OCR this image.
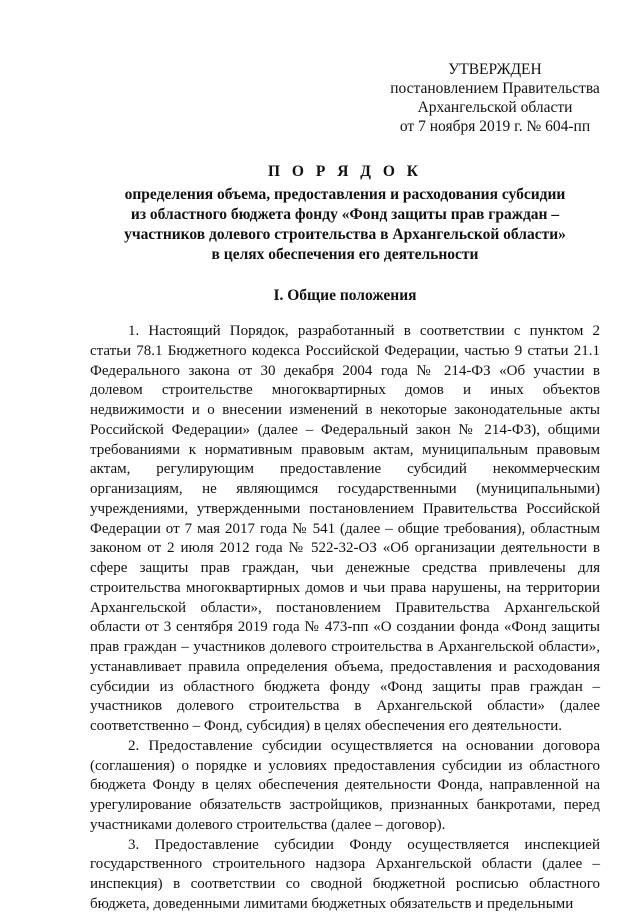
УТВЕРЖДЕН
постановлением Правительства
Архангельской области
от 7 ноября 2019 г. № 604-пп
П О Р Я Д О К
определения объема, предоставления и расходования субсидии
из областного бюджета фонду «Фонд защиты прав граждан –
участников долевого строительства в Архангельской области»
в целях обеспечения его деятельности
I. Общие положения

1. Настоящий Порядок, разработанный в соответствии с пунктом 2 статьи 78.1 Бюджетного кодекса Российской Федерации, частью 9 статьи 21.1 Федерального закона от 30 декабря 2004 года № 214-ФЗ «Об участии в долевом строительстве многоквартирных домов и иных объектов недвижимости и о внесении изменений в некоторые законодательные акты Российской Федерации» (далее – Федеральный закон № 214-ФЗ), общими требованиями к нормативным правовым актам, муниципальным правовым актам, регулирующим предоставление субсидий некоммерческим организациям, не являющимся государственными (муниципальными) учреждениями, утвержденными постановлением Правительства Российской Федерации от 7 мая 2017 года № 541 (далее – общие требования), областным законом от 2 июля 2012 года № 522-32-ОЗ «Об организации деятельности в сфере защиты прав граждан, чьи денежные средства привлечены для строительства многоквартирных домов и чьи права нарушены, на территории Архангельской области», постановлением Правительства Архангельской области от 3 сентября 2019 года № 473-пп «О создании фонда «Фонд защиты прав граждан – участников долевого строительства в Архангельской области», устанавливает правила определения объема, предоставления и расходования субсидии из областного бюджета фонду «Фонд защиты прав граждан – участников долевого строительства в Архангельской области» (далее соответственно – Фонд, субсидия) в целях обеспечения его деятельности.

2. Предоставление субсидии осуществляется на основании договора (соглашения) о порядке и условиях предоставления субсидии из областного бюджета Фонду в целях обеспечения деятельности Фонда, направленной на урегулирование обязательств застройщиков, признанных банкротами, перед участниками долевого строительства (далее – договор).

3. Предоставление субсидии Фонду осуществляется инспекцией государственного строительного надзора Архангельской области (далее – инспекция) в соответствии со сводной бюджетной росписью областного бюджета, доведенными лимитами бюджетных обязательств и предельными
